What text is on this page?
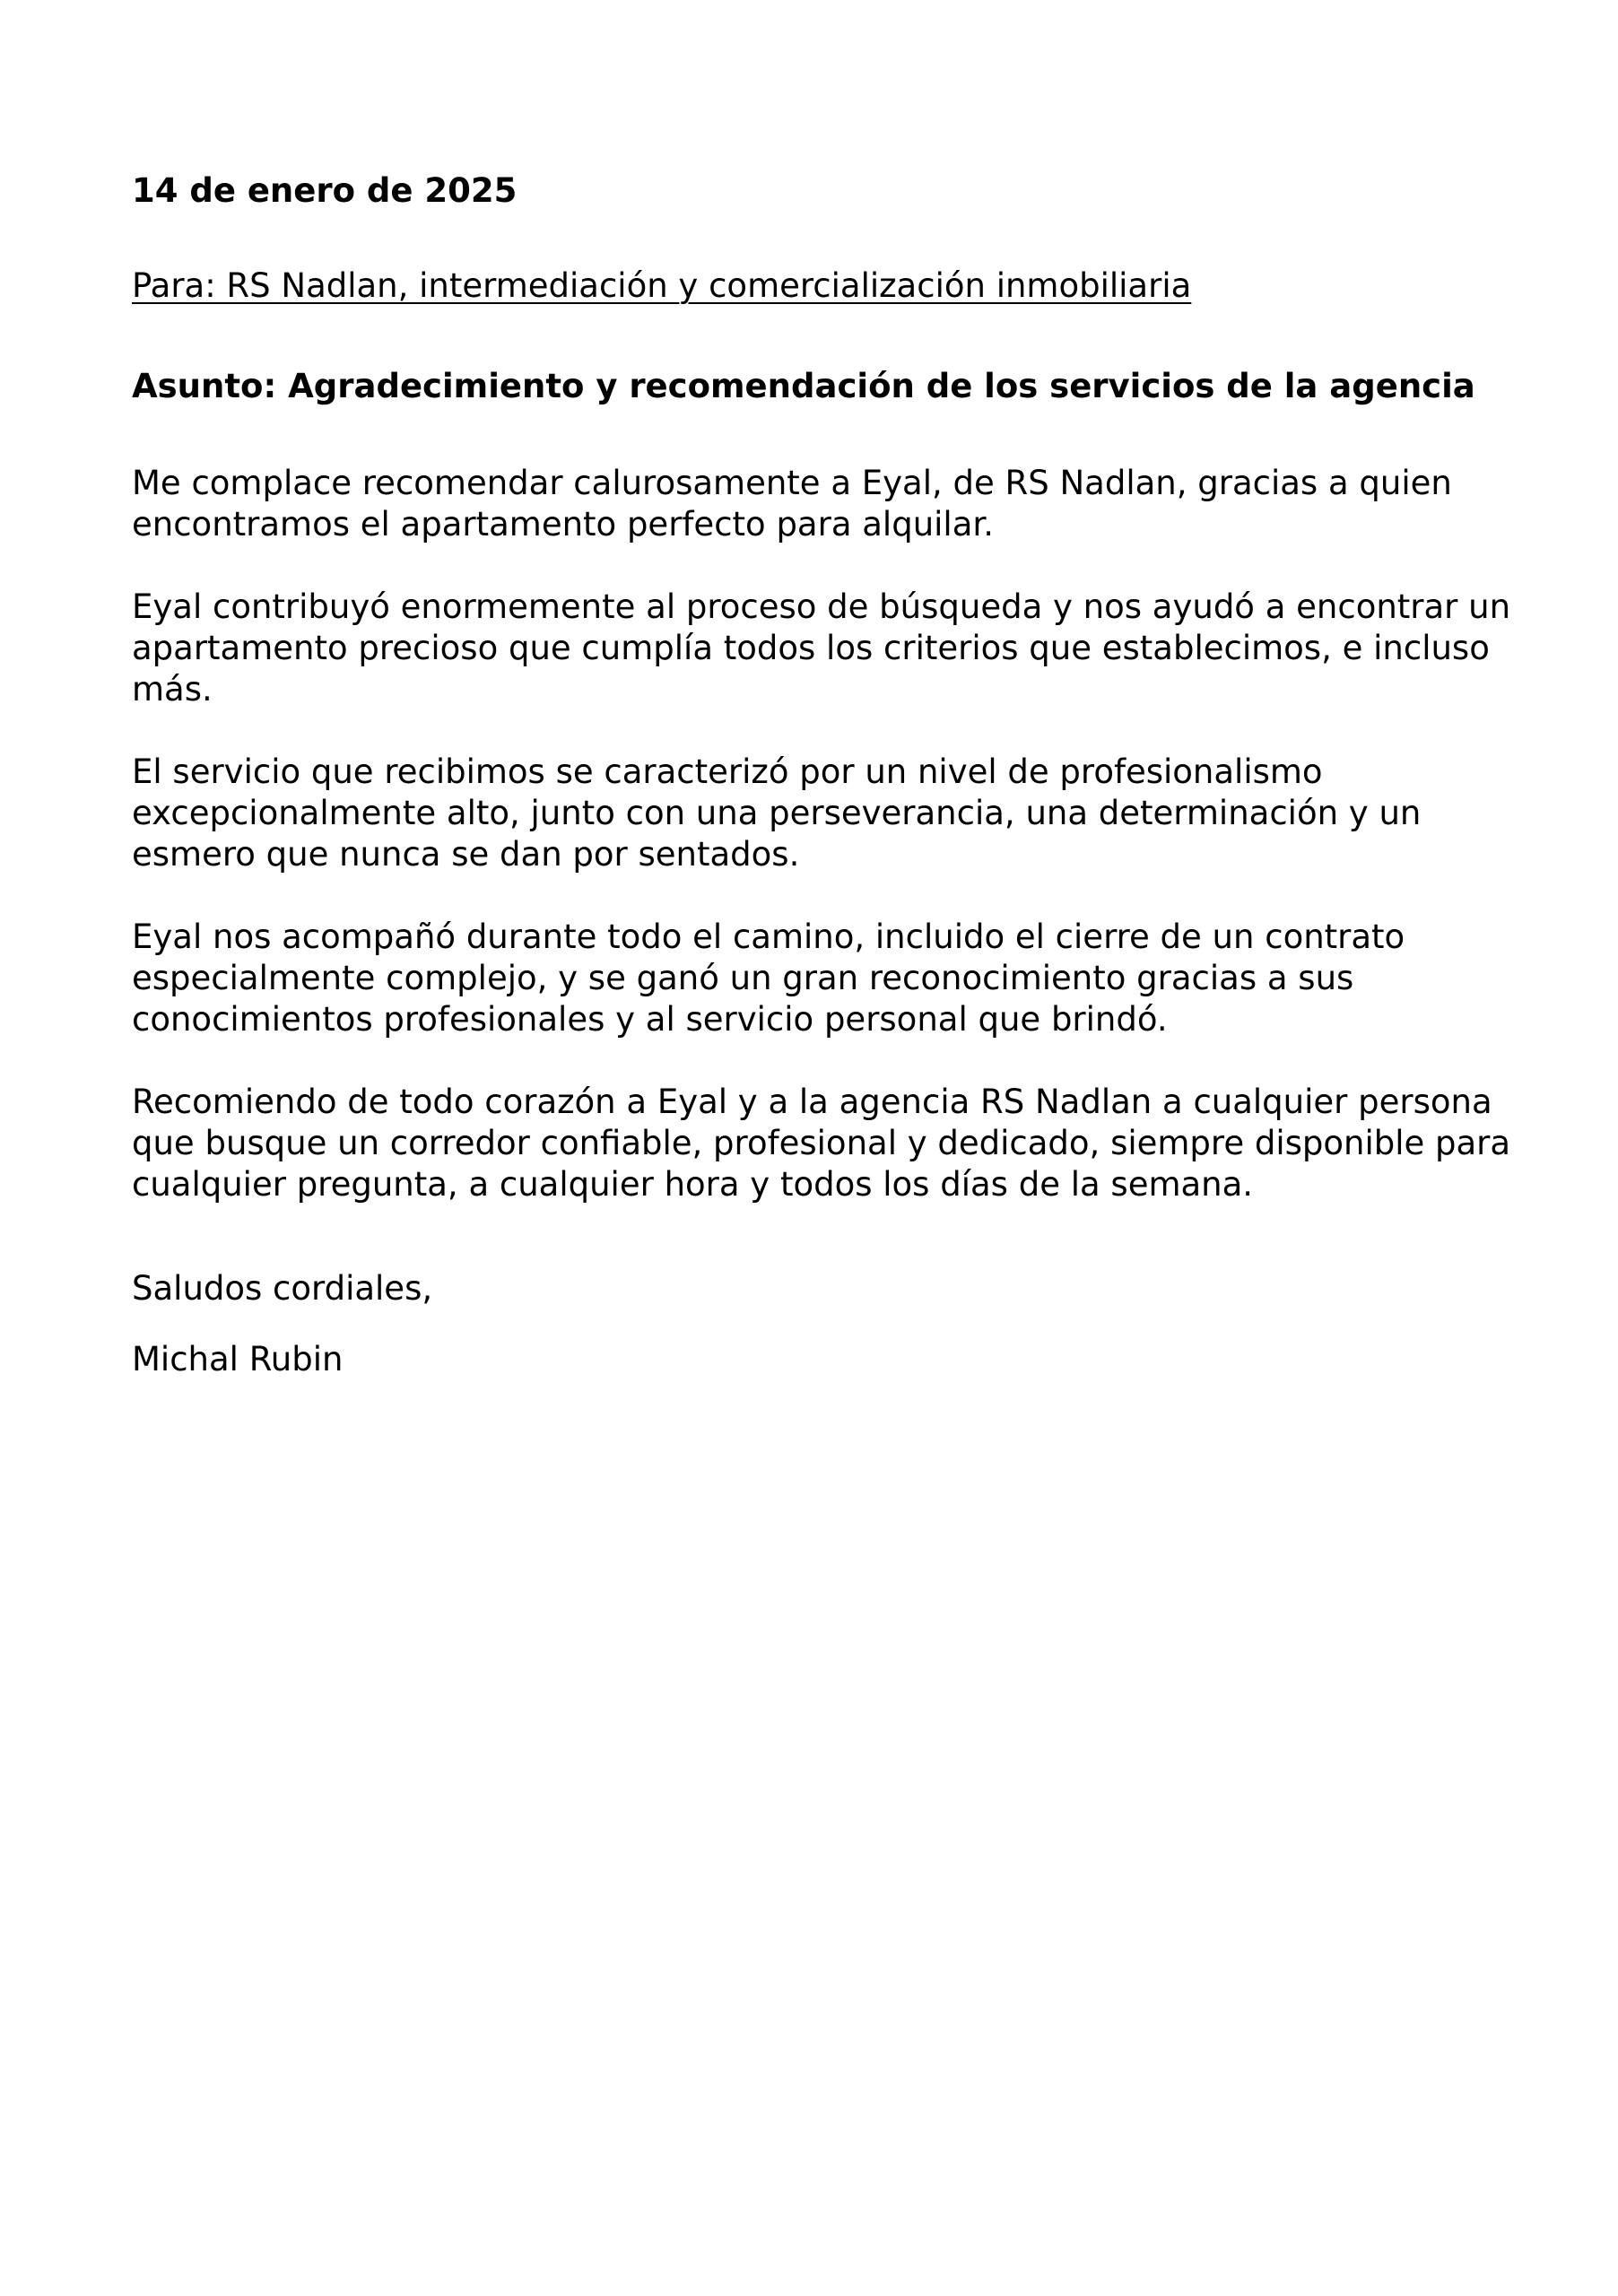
14 de enero de 2025

Para: RS Nadlan, intermediación y comercialización inmobiliaria

Asunto: Agradecimiento y recomendación de los servicios de la agencia

Me complace recomendar calurosamente a Eyal, de RS Nadlan, gracias a quien encontramos el apartamento perfecto para alquilar.

Eyal contribuyó enormemente al proceso de búsqueda y nos ayudó a encontrar un apartamento precioso que cumplía todos los criterios que establecimos, e incluso más.

El servicio que recibimos se caracterizó por un nivel de profesionalismo excepcionalmente alto, junto con una perseverancia, una determinación y un esmero que nunca se dan por sentados.

Eyal nos acompañó durante todo el camino, incluido el cierre de un contrato especialmente complejo, y se ganó un gran reconocimiento gracias a sus conocimientos profesionales y al servicio personal que brindó.

Recomiendo de todo corazón a Eyal y a la agencia RS Nadlan a cualquier persona que busque un corredor confiable, profesional y dedicado, siempre disponible para cualquier pregunta, a cualquier hora y todos los días de la semana.

Saludos cordiales,

Michal Rubin
